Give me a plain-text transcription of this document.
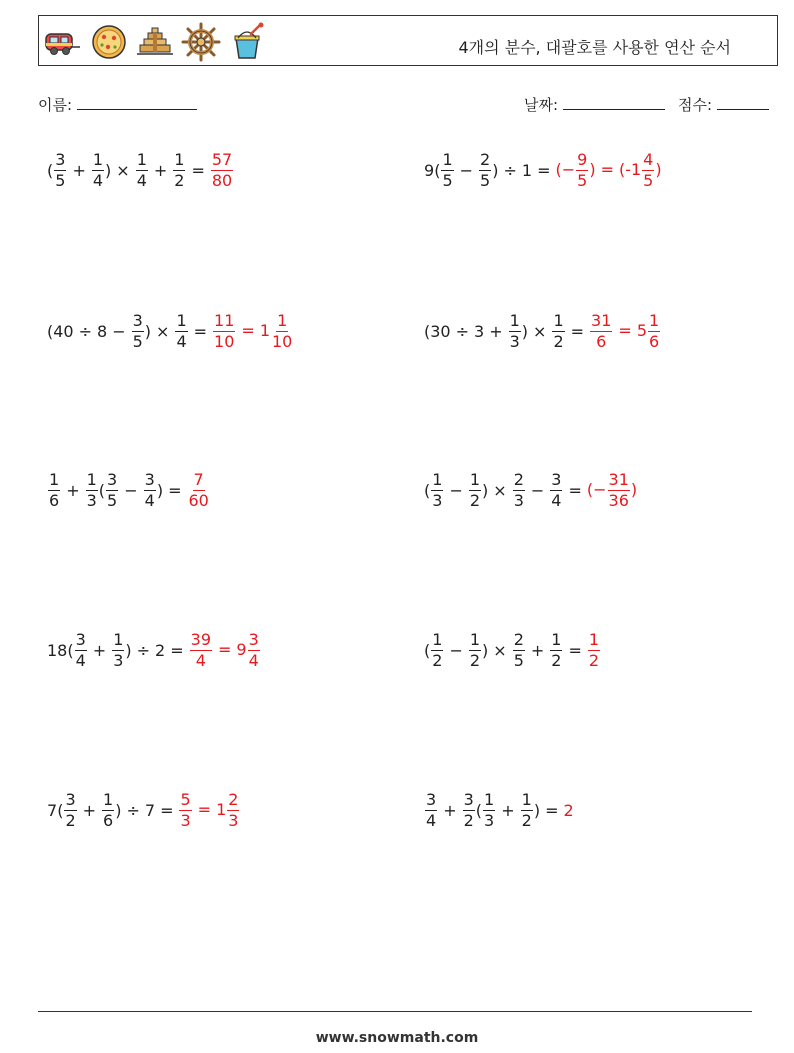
4개의 분수, 대괄호를 사용한 연산 순서
이름:	날짜:	점수:
( $\frac{3}{5} + \frac{1}{4}$ ) × $\frac{1}{4} + \frac{1}{2} = \frac{57}{80}$	9 ( $\frac{1}{5} - \frac{2}{5}$ ) ÷ 1 = (− $\frac{9}{5}$ ) = ($-1 \frac{4}{5}$ )
( $40 \div 8 - \frac{3}{5}$ ) × $\frac{1}{4} = \frac{11}{10} = 1 \frac{1}{10}$	( $30 \div 3 + \frac{1}{3}$ ) × $\frac{1}{2} = \frac{31}{6} = 5 \frac{1}{6}$
$\frac{1}{6} + \frac{1}{3}$ ( $\frac{3}{5} - \frac{3}{4}$ ) = $\frac{7}{60}$	( $\frac{1}{3} - \frac{1}{2}$ ) × $\frac{2}{3} - \frac{3}{4}$ = (− $\frac{31}{36}$ )
18 ( $\frac{3}{4} + \frac{1}{3}$ ) ÷ $2 = \frac{39}{4} = 9 \frac{3}{4}$	( $\frac{1}{2} - \frac{1}{2}$ ) × $\frac{2}{5} + \frac{1}{2} = \frac{1}{2}$
7 ( $\frac{3}{2} + \frac{1}{6}$ ) ÷ $7 = \frac{5}{3} = 1 \frac{2}{3}$	$\frac{3}{4} + \frac{3}{2}$ ( $\frac{1}{3} + \frac{1}{2}$ ) = 2
www.snowmath.com
